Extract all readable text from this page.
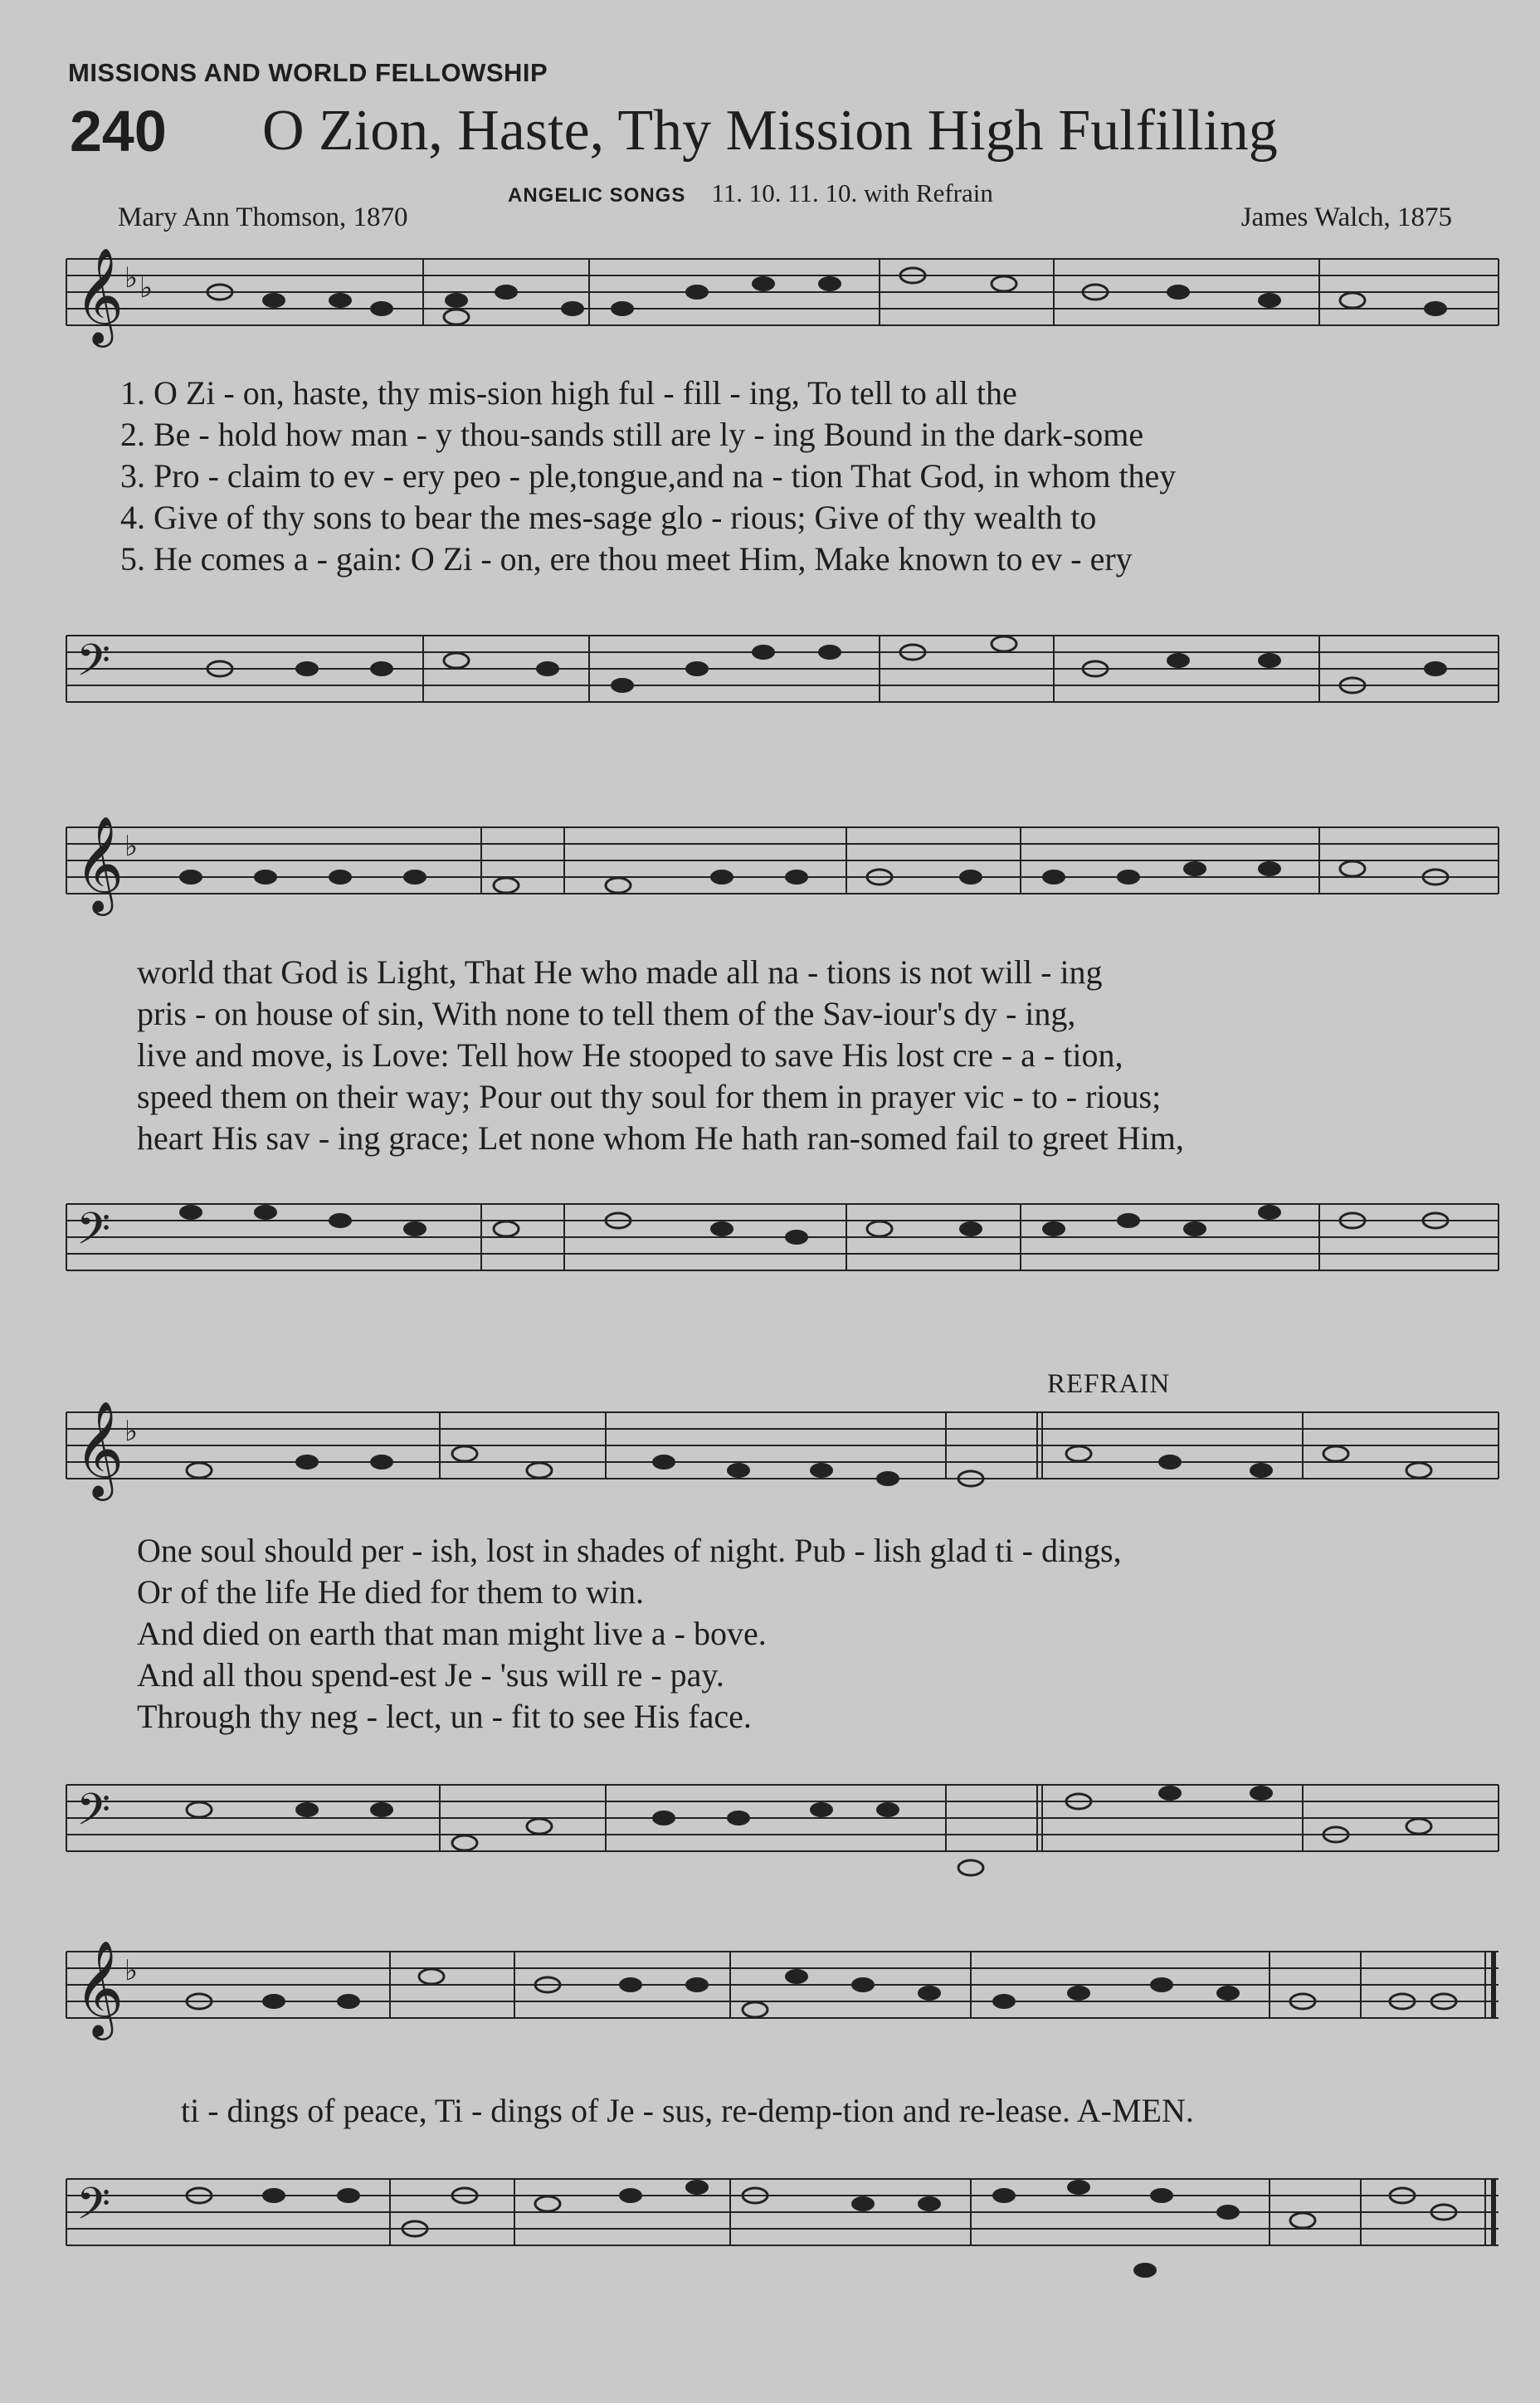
MISSIONS AND WORLD FELLOWSHIP
240 O Zion, Haste, Thy Mission High Fulfilling
ANGELIC SONGS 11. 10. 11. 10. with Refrain
Mary Ann Thomson, 1870	James Walch, 1875
𝄞 ♭ ♭
1. O Zi - on, haste, thy mis-sion high ful - fill - ing, To tell to all the
2. Be - hold how man - y thou-sands still are ly - ing Bound in the dark-some
3. Pro - claim to ev - ery peo - ple,tongue,and na - tion That God, in whom they
4. Give of thy sons to bear the mes-sage glo - rious; Give of thy wealth to
5. He comes a - gain: O Zi - on, ere thou meet Him, Make known to ev - ery
𝄢
𝄞 ♭
world that God is Light, That He who made all na - tions is not will - ing
pris - on house of sin, With none to tell them of the Sav-iour's dy - ing,
live and move, is Love: Tell how He stooped to save His lost cre - a - tion,
speed them on their way; Pour out thy soul for them in prayer vic - to - rious;
heart His sav - ing grace; Let none whom He hath ran-somed fail to greet Him,
𝄢
REFRAIN
𝄞 ♭
One soul should per - ish, lost in shades of night. Pub - lish glad ti - dings,
Or of the life He died for them to win.
And died on earth that man might live a - bove.
And all thou spend-est Je - 'sus will re - pay.
Through thy neg - lect, un - fit to see His face.
𝄢
𝄞 ♭
ti - dings of peace, Ti - dings of Je - sus, re-demp-tion and re-lease. A-MEN.
𝄢
